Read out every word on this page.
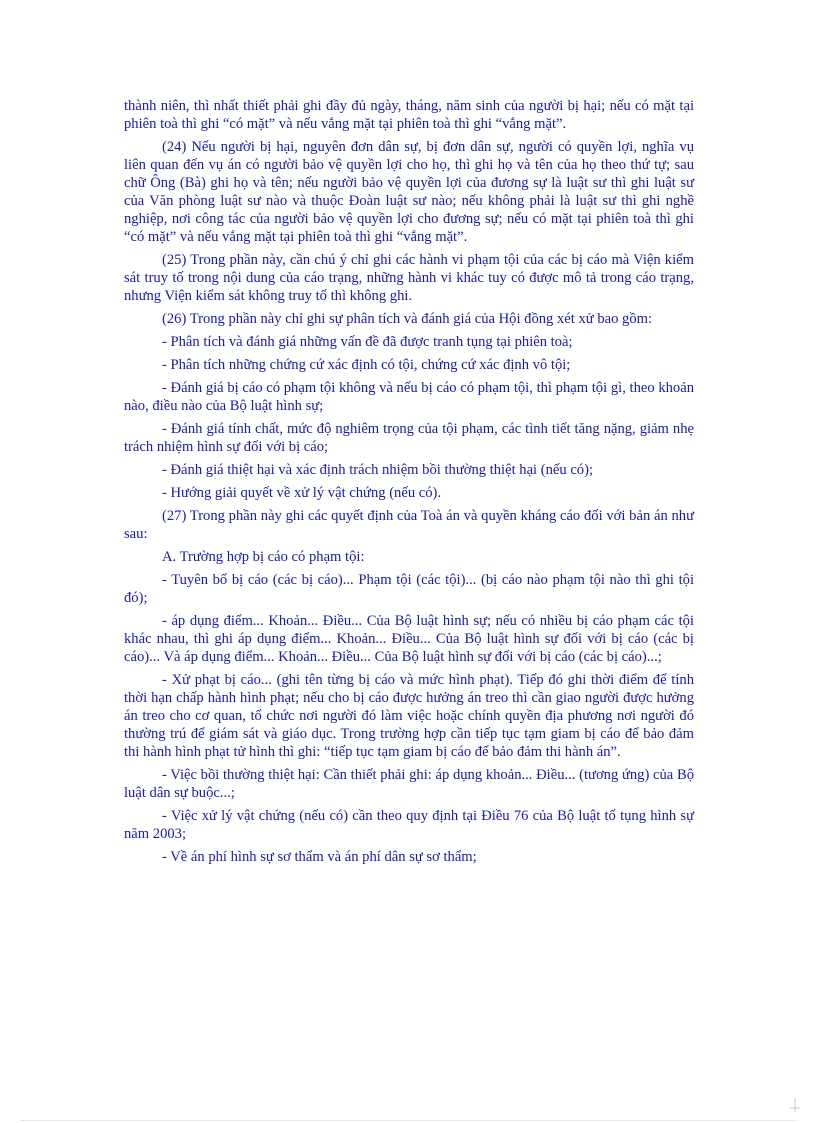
thành niên, thì nhất thiết phải ghi đầy đủ ngày, tháng, năm sinh của người bị hại; nếu có mặt tại phiên toà thì ghi “có mặt” và nếu vắng mặt tại phiên toà thì ghi “vắng mặt”.

(24) Nếu người bị hại, nguyên đơn dân sự, bị đơn dân sự, người có quyền lợi, nghĩa vụ liên quan đến vụ án có người bảo vệ quyền lợi cho họ, thì ghi họ và tên của họ theo thứ tự; sau chữ Ông (Bà) ghi họ và tên; nếu người bảo vệ quyền lợi của đương sự là luật sư thì ghi luật sư của Văn phòng luật sư nào và thuộc Đoàn luật sư nào; nếu không phải là luật sư thì ghi nghề nghiệp, nơi công tác của người bảo vệ quyền lợi cho đương sự; nếu có mặt tại phiên toà thì ghi “có mặt” và nếu vắng mặt tại phiên toà thì ghi “vắng mặt”.

(25) Trong phần này, cần chú ý chỉ ghi các hành vi phạm tội của các bị cáo mà Viện kiểm sát truy tố trong nội dung của cáo trạng, những hành vi khác tuy có được mô tả trong cáo trạng, nhưng Viện kiểm sát không truy tố thì không ghi.

(26) Trong phần này chỉ ghi sự phân tích và đánh giá của Hội đồng xét xử bao gồm:

- Phân tích và đánh giá những vấn đề đã được tranh tụng tại phiên toà;

- Phân tích những chứng cứ xác định có tội, chứng cứ xác định vô tội;

- Đánh giá bị cáo có phạm tội không và nếu bị cáo có phạm tội, thì phạm tội gì, theo khoản nào, điều nào của Bộ luật hình sự;

- Đánh giá tính chất, mức độ nghiêm trọng của tội phạm, các tình tiết tăng nặng, giảm nhẹ trách nhiệm hình sự đối với bị cáo;

- Đánh giá thiệt hại và xác định trách nhiệm bồi thường thiệt hại (nếu có);

- Hướng giải quyết về xử lý vật chứng (nếu có).

(27) Trong phần này ghi các quyết định của Toà án và quyền kháng cáo đối với bản án như sau:

A. Trường hợp bị cáo có phạm tội:

- Tuyên bố bị cáo (các bị cáo)... Phạm tội (các tội)... (bị cáo nào phạm tội nào thì ghi tội đó);

- áp dụng điểm... Khoản... Điều... Của Bộ luật hình sự; nếu có nhiều bị cáo phạm các tội khác nhau, thì ghi áp dụng điểm... Khoản... Điều... Của Bộ luật hình sự đối với bị cáo (các bị cáo)... Và áp dụng điểm... Khoản... Điều... Của Bộ luật hình sự đối với bị cáo (các bị cáo)...;

- Xử phạt bị cáo... (ghi tên từng bị cáo và mức hình phạt). Tiếp đó ghi thời điểm để tính thời hạn chấp hành hình phạt; nếu cho bị cáo được hưởng án treo thì cần giao người được hưởng án treo cho cơ quan, tổ chức nơi người đó làm việc hoặc chính quyền địa phương nơi người đó thường trú để giám sát và giáo dục. Trong trường hợp cần tiếp tục tạm giam bị cáo để bảo đảm thi hành hình phạt tử hình thì ghi: “tiếp tục tạm giam bị cáo để bảo đảm thi hành án”.

- Việc bồi thường thiệt hại: Cần thiết phải ghi: áp dụng khoản... Điều... (tương ứng) của Bộ luật dân sự buộc...;

- Việc xử lý vật chứng (nếu có) cần theo quy định tại Điều 76 của Bộ luật tố tụng hình sự năm 2003;

- Về án phí hình sự sơ thẩm và án phí dân sự sơ thẩm;
